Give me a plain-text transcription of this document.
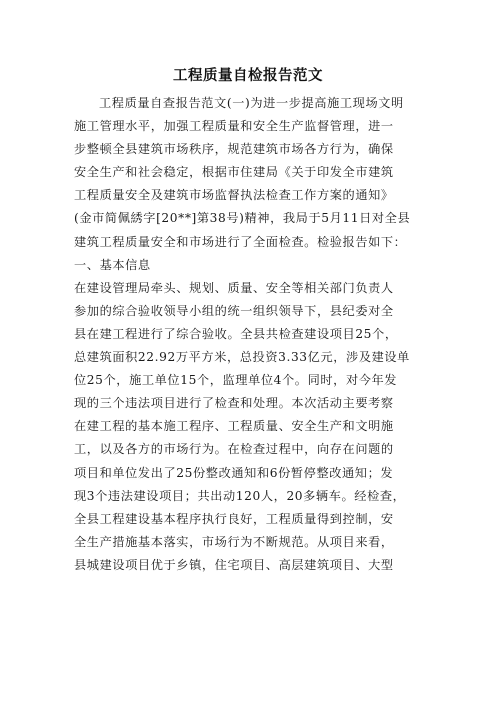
工程质量自检报告范文
工程质量自查报告范文(一)为进一步提高施工现场文明
施工管理水平，加强工程质量和安全生产监督管理，进一
步整顿全县建筑市场秩序，规范建筑市场各方行为，确保
安全生产和社会稳定，根据市住建局《关于印发全市建筑
工程质量安全及建筑市场监督执法检查工作方案的通知》
(金市简佩綉字[20**]第38号)精神，我局于5月11日对全县
建筑工程质量安全和市场进行了全面检查。检验报告如下：
一、基本信息
在建设管理局牵头、规划、质量、安全等相关部门负责人
参加的综合验收领导小组的统一组织领导下，县纪委对全
县在建工程进行了综合验收。全县共检查建设项目25个，
总建筑面积22.92万平方米，总投资3.33亿元，涉及建设单
位25个，施工单位15个，监理单位4个。同时，对今年发
现的三个违法项目进行了检查和处理。本次活动主要考察
在建工程的基本施工程序、工程质量、安全生产和文明施
工，以及各方的市场行为。在检查过程中，向存在问题的
项目和单位发出了25份整改通知和6份暂停整改通知；发
现3个违法建设项目；共出动120人，20多辆车。经检查，
全县工程建设基本程序执行良好，工程质量得到控制，安
全生产措施基本落实，市场行为不断规范。从项目来看，
县城建设项目优于乡镇，住宅项目、高层建筑项目、大型
